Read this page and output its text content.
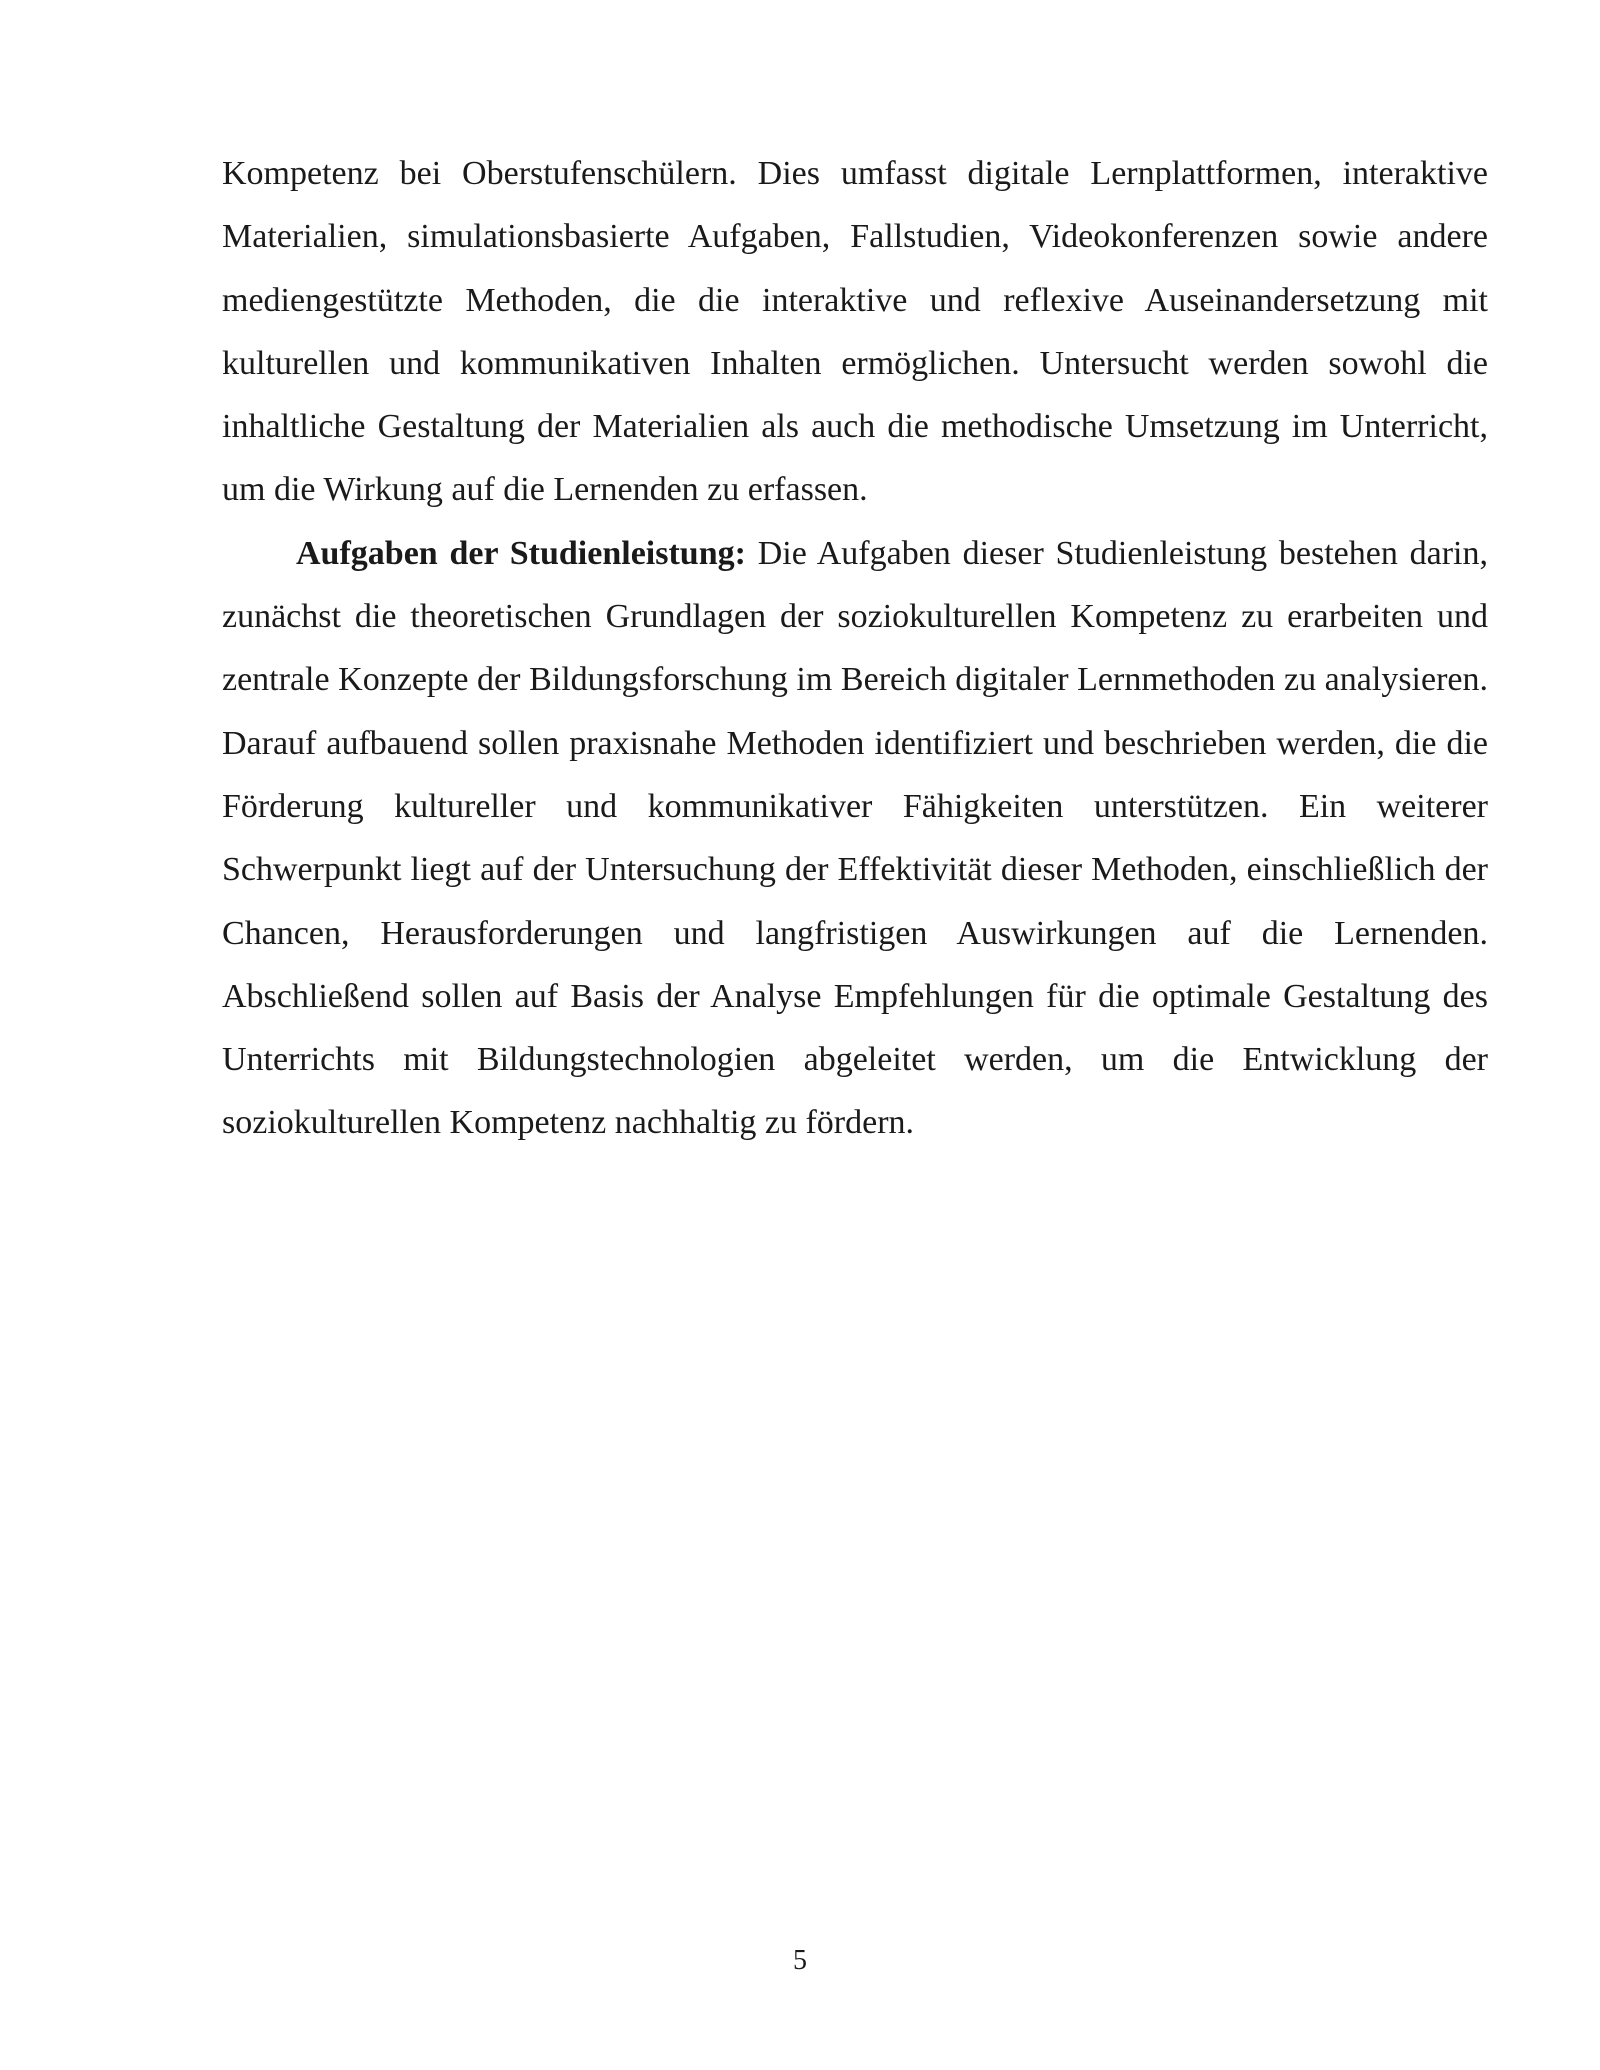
Kompetenz bei Oberstufenschülern. Dies umfasst digitale Lernplattformen, interaktive Materialien, simulationsbasierte Aufgaben, Fallstudien, Videokonferenzen sowie andere mediengestützte Methoden, die die interaktive und reflexive Auseinandersetzung mit kulturellen und kommunikativen Inhalten ermöglichen. Untersucht werden sowohl die inhaltliche Gestaltung der Materialien als auch die methodische Umsetzung im Unterricht, um die Wirkung auf die Lernenden zu erfassen.

Aufgaben der Studienleistung: Die Aufgaben dieser Studienleistung bestehen darin, zunächst die theoretischen Grundlagen der soziokulturellen Kompetenz zu erarbeiten und zentrale Konzepte der Bildungsforschung im Bereich digitaler Lernmethoden zu analysieren. Darauf aufbauend sollen praxisnahe Methoden identifiziert und beschrieben werden, die die Förderung kultureller und kommunikativer Fähigkeiten unterstützen. Ein weiterer Schwerpunkt liegt auf der Untersuchung der Effektivität dieser Methoden, einschließlich der Chancen, Herausforderungen und langfristigen Auswirkungen auf die Lernenden. Abschließend sollen auf Basis der Analyse Empfehlungen für die optimale Gestaltung des Unterrichts mit Bildungstechnologien abgeleitet werden, um die Entwicklung der soziokulturellen Kompetenz nachhaltig zu fördern.

5
